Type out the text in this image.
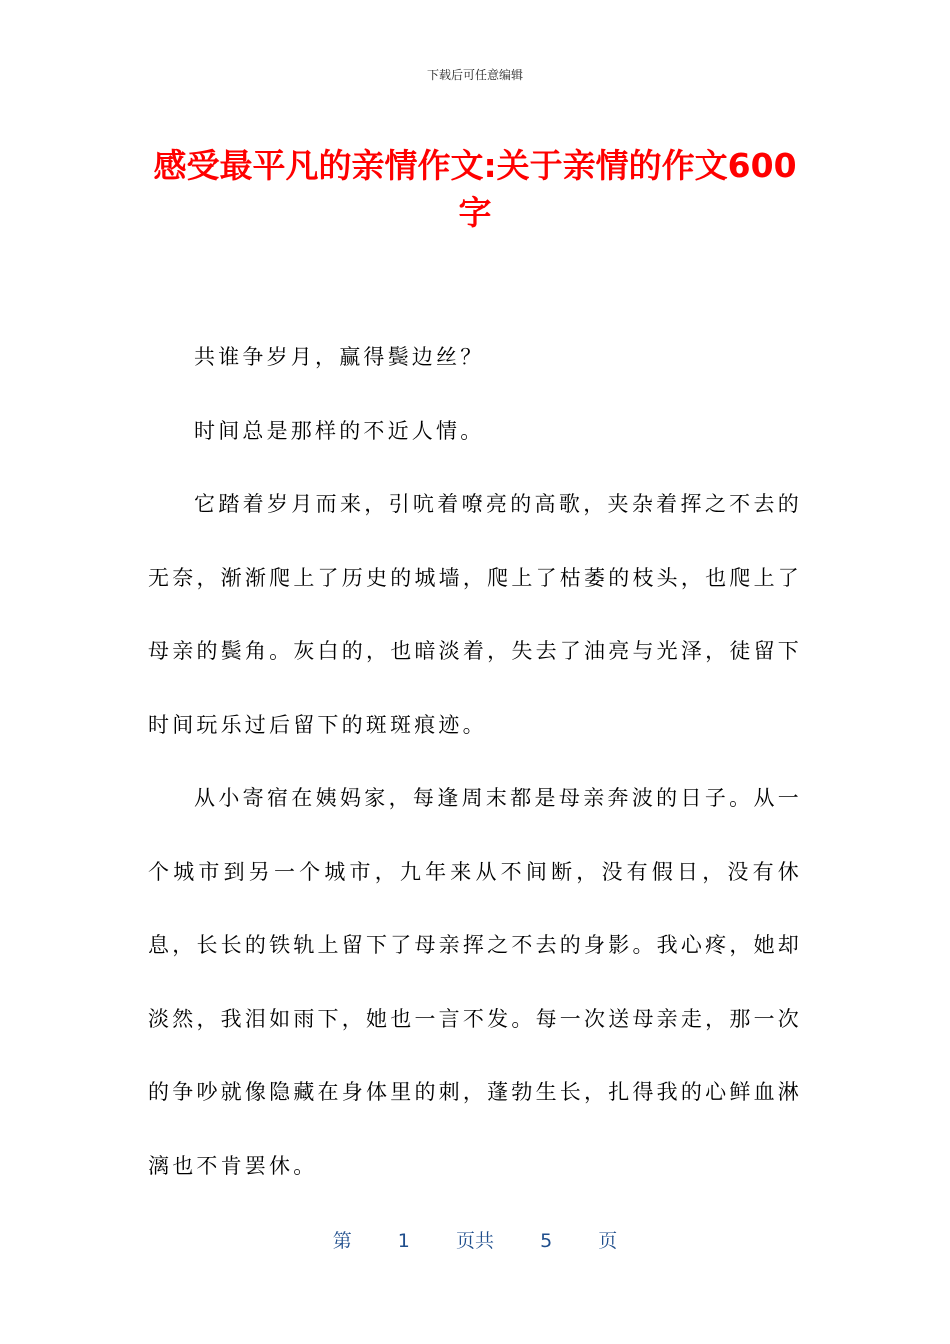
下载后可任意编辑
感受最平凡的亲情作文:关于亲情的作文600字

共谁争岁月，赢得鬓边丝？

时间总是那样的不近人情。

它踏着岁月而来，引吭着嘹亮的高歌，夹杂着挥之不去的无奈，渐渐爬上了历史的城墙，爬上了枯萎的枝头，也爬上了母亲的鬓角。灰白的，也暗淡着，失去了油亮与光泽，徒留下时间玩乐过后留下的斑斑痕迹。

从小寄宿在姨妈家，每逢周末都是母亲奔波的日子。从一个城市到另一个城市，九年来从不间断，没有假日，没有休息，长长的铁轨上留下了母亲挥之不去的身影。我心疼，她却淡然，我泪如雨下，她也一言不发。每一次送母亲走，那一次的争吵就像隐藏在身体里的刺，蓬勃生长，扎得我的心鲜血淋漓也不肯罢休。

第 1 页共 5 页
